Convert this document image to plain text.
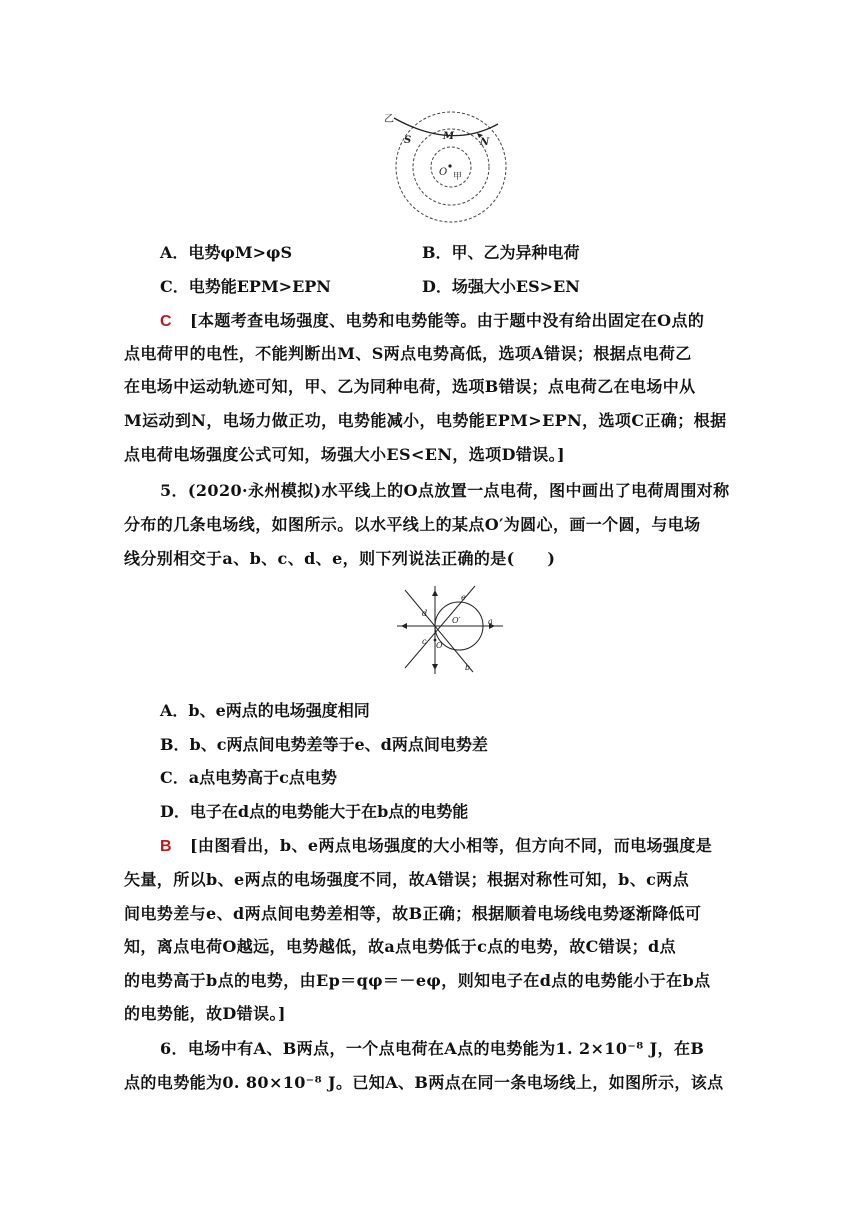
乙
S	M
N
O 甲
A．电势φM>φS	B．甲、乙为异种电荷
C．电势能EPM>EPN	D．场强大小ES>EN
C [本题考查电场强度、电势和电势能等。由于题中没有给出固定在O点的
点电荷甲的电性，不能判断出M、S两点电势高低，选项A错误；根据点电荷乙
在电场中运动轨迹可知，甲、乙为同种电荷，选项B错误；点电荷乙在电场中从
M运动到N，电场力做正功，电势能减小，电势能EPM>EPN，选项C正确；根据
点电荷电场强度公式可知，场强大小ES<EN，选项D错误。]
5．(2020·永州模拟)水平线上的O点放置一点电荷，图中画出了电荷周围对称
分布的几条电场线，如图所示。以水平线上的某点O′为圆心，画一个圆，与电场
线分别相交于a、b、c、d、e，则下列说法正确的是(　　)
a
b
c
d
e
O
O′
A．b、e两点的电场强度相同
B．b、c两点间电势差等于e、d两点间电势差
C．a点电势高于c点电势
D．电子在d点的电势能大于在b点的电势能
B [由图看出，b、e两点电场强度的大小相等，但方向不同，而电场强度是
矢量，所以b、e两点的电场强度不同，故A错误；根据对称性可知，b、c两点
间电势差与e、d两点间电势差相等，故B正确；根据顺着电场线电势逐渐降低可
知，离点电荷O越远，电势越低，故a点电势低于c点的电势，故C错误；d点
的电势高于b点的电势，由Ep＝qφ＝－eφ，则知电子在d点的电势能小于在b点
的电势能，故D错误。]
6．电场中有A、B两点，一个点电荷在A点的电势能为1. 2×10⁻⁸ J，在B
点的电势能为0. 80×10⁻⁸ J。已知A、B两点在同一条电场线上，如图所示，该点
